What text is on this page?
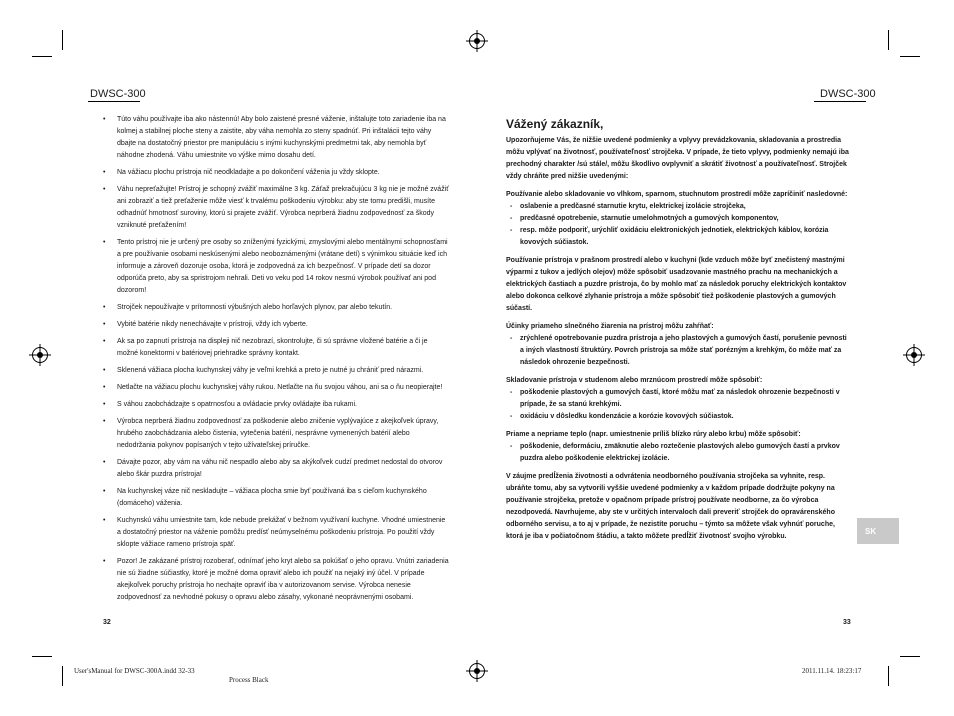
DWSC-300	DWSC-300
• Túto váhu používajte iba ako nástennú! Aby bolo zaistené presné váženie, inštalujte toto zariadenie iba na kolmej a stabilnej ploche steny a zaistite, aby váha nemohla zo steny spadnúť. Pri inštalácii tejto váhy dbajte na dostatočný priestor pre manipuláciu s inými kuchynskými predmetmi tak, aby nemohla byť náhodne zhodená. Váhu umiestnite vo výške mimo dosahu detí.
• Na vážiacu plochu prístroja nič neodkladajte a po dokončení váženia ju vždy sklopte.
• Váhu nepreťažujte! Prístroj je schopný zvážiť maximálne 3 kg. Záťaž prekračujúcu 3 kg nie je možné zvážiť ani zobraziť a tiež preťaženie môže viesť k trvalému poškodeniu výrobku: aby ste tomu predišli, musíte odhadnúť hmotnosť suroviny, ktorú si prajete zvážiť. Výrobca neprberá žiadnu zodpovednosť za škody vzniknuté preťažením!
• Tento prístroj nie je určený pre osoby so zníženými fyzickými, zmyslovými alebo mentálnymi schopnosťami a pre používanie osobami neskúsenými alebo neoboznámenými (vrátane detí) s výnimkou situácie keď ich informuje a zároveň dozoruje osoba, ktorá je zodpovedná za ich bezpečnosť. V prípade detí sa dozor odporúča preto, aby sa spristrojom nehrali. Deti vo veku pod 14 rokov nesmú výrobok používať ani pod dozorom!
• Strojček nepoužívajte v prítomnosti výbušných alebo horľavých plynov, par alebo tekutín.
• Vybité batérie nikdy nenechávajte v prístroji, vždy ich vyberte.
• Ak sa po zapnutí prístroja na displeji nič nezobrazí, skontrolujte, či sú správne vložené batérie a či je možné konektormi v batériovej priehradke správny kontakt.
• Sklenená vážiaca plocha kuchynskej váhy je veľmi krehká a preto je nutné ju chrániť pred nárazmi.
• Netlačte na vážiacu plochu kuchynskej váhy rukou. Netlačte na ňu svojou váhou, ani sa o ňu neopierajte!
• S váhou zaobchádzajte s opatrnosťou a ovládacie prvky ovládajte iba rukami.
• Výrobca neprberá žiadnu zodpovednosť za poškodenie alebo zničenie vyplývajúce z akejkoľvek úpravy, hrubého zaobchádzania alebo čistenia, vytečenia batérií, nesprávne vymenených batérií alebo nedodržania pokynov popísaných v tejto užívateľskej príručke.
• Dávajte pozor, aby vám na váhu nič nespadlo alebo aby sa akýkoľvek cudzí predmet nedostal do otvorov alebo škár puzdra prístroja!
• Na kuchynskej váze nič neskladujte – vážiaca plocha smie byť používaná iba s cieľom kuchynského (domáceho) váženia.
• Kuchynskú váhu umiestnite tam, kde nebude prekážať v bežnom využívaní kuchyne. Vhodné umiestnenie a dostatočný priestor na váženie pomôžu predísť neúmyselnému poškodeniu prístroja. Po použití vždy sklopte vážiace rameno prístroja späť.
• Pozor! Je zakázané prístroj rozoberať, odnímať jeho kryt alebo sa pokúšať o jeho opravu. Vnútri zariadenia nie sú žiadne súčiastky, ktoré je možné doma opraviť alebo ich použiť na nejaký iný účel. V prípade akejkoľvek poruchy prístroja ho nechajte opraviť iba v autorizovanom servise. Výrobca nenesie zodpovednosť za nevhodné pokusy o opravu alebo zásahy, vykonané neoprávnenými osobami.
Vážený zákazník,

Upozorňujeme Vás, že nižšie uvedené podmienky a vplyvy prevádzkovania, skladovania a prostredia môžu vplývať na životnosť, používateľnosť strojčeka. V prípade, že tieto vplyvy, podmienky nemajú iba prechodný charakter /sú stále/, môžu škodlivo ovplyvniť a skrátiť životnosť a používateľnosť. Strojček vždy chráňte pred nižšie uvedenými:

Používanie alebo skladovanie vo vlhkom, sparnom, stuchnutom prostredí môže zapríčiniť nasledovné:
- oslabenie a predčasné starnutie krytu, elektrickej izolácie strojčeka,
- predčasné opotrebenie, starnutie umelohmotných a gumových komponentov,
- resp. môže podporiť, urýchliť oxidáciu elektronických jednotiek, elektrických káblov, korózia kovových súčiastok.
Používanie prístroja v prašnom prostredí alebo v kuchyni (kde vzduch môže byť znečistený mastnými výparmi z tukov a jedlých olejov) môže spôsobiť usadzovanie mastného prachu na mechanických a elektrických častiach a puzdre prístroja, čo by mohlo mať za následok poruchy elektrických kontaktov alebo dokonca celkové zlyhanie prístroja a môže spôsobiť tiež poškodenie plastových a gumových súčastí.
Účinky priameho slnečného žiarenia na prístroj môžu zahŕňať:
- zrýchlené opotrebovanie puzdra prístroja a jeho plastových a gumových častí, porušenie pevnosti a iných vlastností štruktúry. Povrch prístroja sa môže stať porézným a krehkým, čo môže mať za následok ohrozenie bezpečnosti.
Skladovanie prístroja v studenom alebo mrznúcom prostredí môže spôsobiť:
- poškodenie plastových a gumových častí, ktoré môžu mať za následok ohrozenie bezpečnosti v prípade, že sa stanú krehkými.
- oxidáciu v dôsledku kondenzácie a korózie kovových súčiastok.
Priame a nepriame teplo (napr. umiestnenie príliš blízko rúry alebo krbu) môže spôsobiť:
- poškodenie, deformáciu, zmäknutie alebo roztečenie plastových alebo gumových častí a prvkov puzdra alebo poškodenie elektrickej izolácie.
V záujme predĺženia životnosti a odvrátenia neodborného používania strojčeka sa vyhnite, resp. ubráňte tomu, aby sa vytvorili vyššie uvedené podmienky a v každom prípade dodržujte pokyny na používanie strojčeka, pretože v opačnom prípade prístroj používate neodborne, za čo výrobca nezodpovedá. Navrhujeme, aby ste v určitých intervaloch dali preveriť strojček do opravárenského odborného servisu, a to aj v prípade, že nezistíte poruchu – týmto sa môžete však vyhnúť poruche, ktorá je iba v počiatočnom štádiu, a takto môžete predĺžiť životnosť svojho výrobku.
SK
32	33
User'sManual for DWSC-300A.indd 32-33
Process Black
2011.11.14. 18:23:17
